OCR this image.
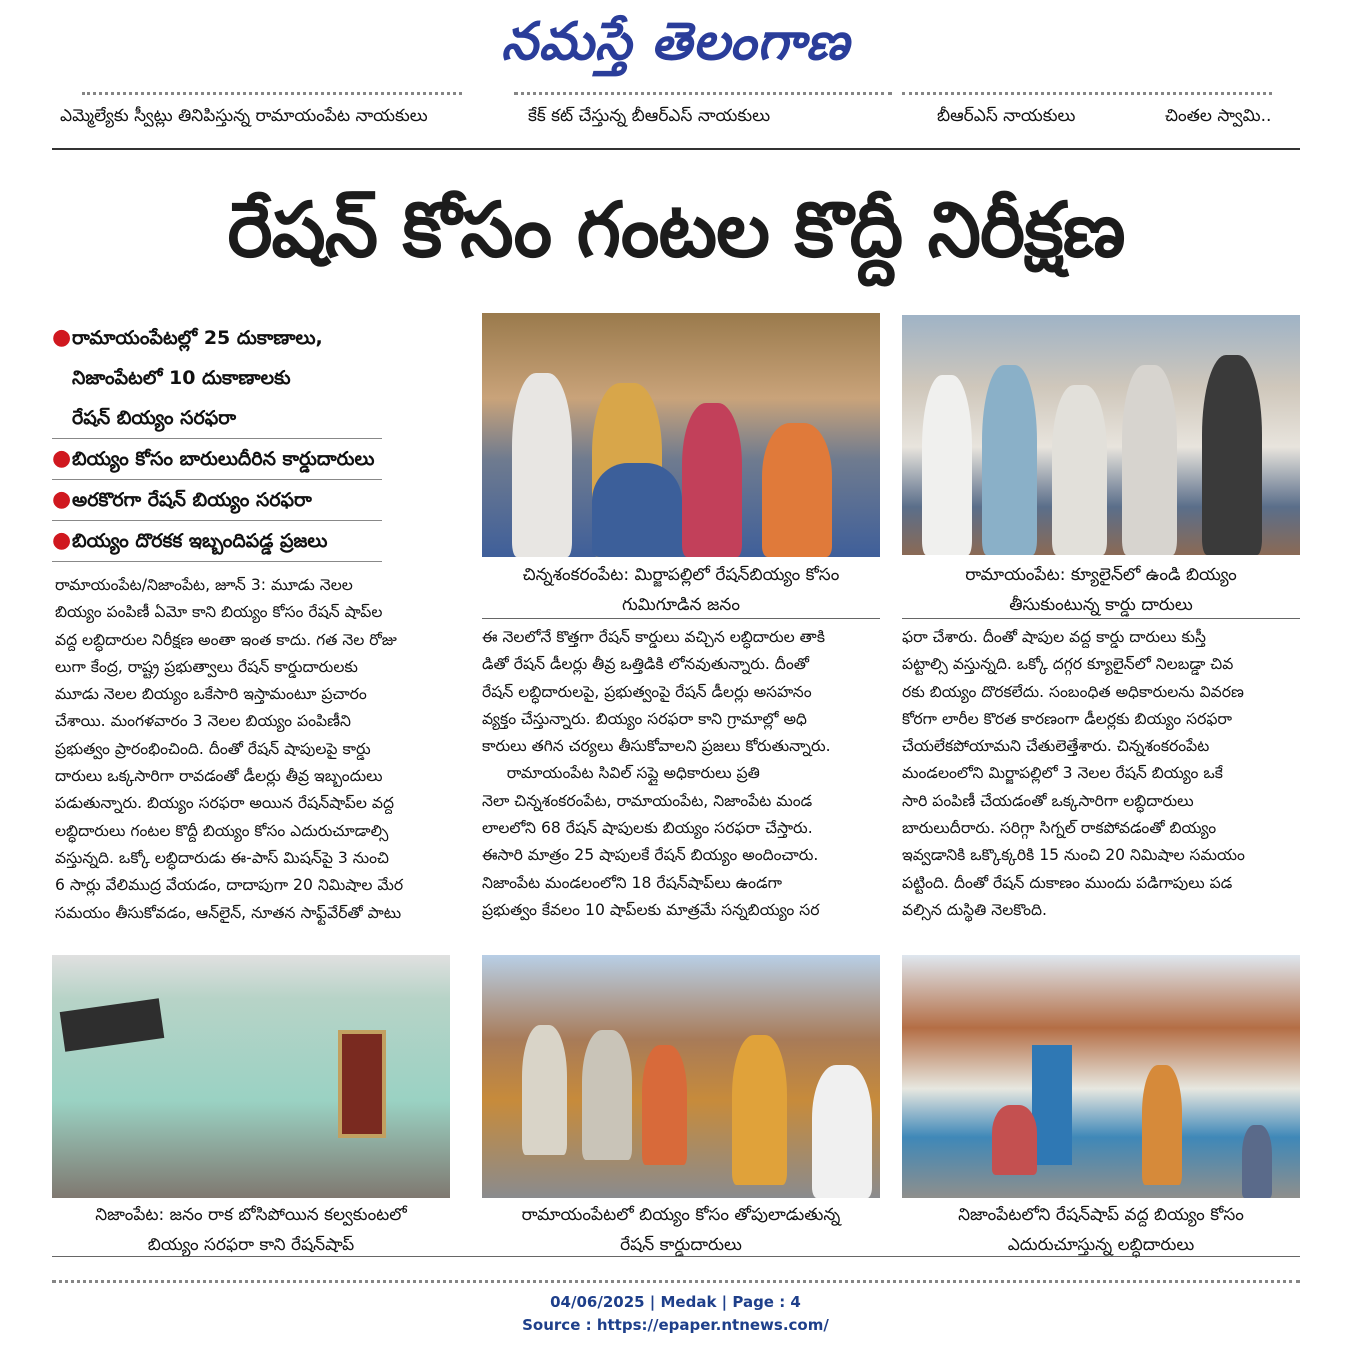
నమస్తే తెలంగాణ
ఎమ్మెల్యేకు స్వీట్లు తినిపిస్తున్న రామాయంపేట నాయకులు	కేక్ కట్ చేస్తున్న బీఆర్ఎస్ నాయకులు	బీఆర్ఎస్ నాయకులు	చింతల స్వామి..
రేషన్ కోసం గంటల కొద్దీ నిరీక్షణ
● రామాయంపేటల్లో 25 దుకాణాలు,
నిజాంపేటలో 10 దుకాణాలకు
రేషన్ బియ్యం సరఫరా
● బియ్యం కోసం బారులుదీరిన కార్డుదారులు
● అరకొరగా రేషన్ బియ్యం సరఫరా
● బియ్యం దొరకక ఇబ్బందిపడ్డ ప్రజలు
చిన్నశంకరంపేట: మిర్జాపల్లిలో రేషన్‌బియ్యం కోసం
గుమిగూడిన జనం
రామాయంపేట: క్యూలైన్‌లో ఉండి బియ్యం
తీసుకుంటున్న కార్డు దారులు

రామాయంపేట/నిజాంపేట, జూన్ 3: మూడు నెలల
బియ్యం పంపిణీ ఏమో కాని బియ్యం కోసం రేషన్ షాప్‌ల
వద్ద లబ్ధిదారుల నిరీక్షణ అంతా ఇంత కాదు. గత నెల రోజు
లుగా కేంద్ర, రాష్ట్ర ప్రభుత్వాలు రేషన్ కార్డుదారులకు
మూడు నెలల బియ్యం ఒకేసారి ఇస్తామంటూ ప్రచారం
చేశాయి. మంగళవారం 3 నెలల బియ్యం పంపిణీని
ప్రభుత్వం ప్రారంభించింది. దీంతో రేషన్ షాపులపై కార్డు
దారులు ఒక్కసారిగా రావడంతో డీలర్లు తీవ్ర ఇబ్బందులు
పడుతున్నారు. బియ్యం సరఫరా అయిన రేషన్‌షాప్‌ల వద్ద
లబ్ధిదారులు గంటల కొద్దీ బియ్యం కోసం ఎదురుచూడాల్సి
వస్తున్నది. ఒక్కో లబ్ధిదారుడు ఈ-పాస్ మిషన్‌పై 3 నుంచి
6 సార్లు వేలిముద్ర వేయడం, దాదాపుగా 20 నిమిషాల మేర
సమయం తీసుకోవడం, ఆన్‌లైన్, నూతన సాఫ్ట్‌వేర్‌తో పాటు

ఈ నెలలోనే కొత్తగా రేషన్ కార్డులు వచ్చిన లబ్ధిదారుల తాకి
డితో రేషన్ డీలర్లు తీవ్ర ఒత్తిడికి లోనవుతున్నారు. దీంతో
రేషన్ లబ్ధిదారులపై, ప్రభుత్వంపై రేషన్ డీలర్లు అసహనం
వ్యక్తం చేస్తున్నారు. బియ్యం సరఫరా కాని గ్రామాల్లో అధి
కారులు తగిన చర్యలు తీసుకోవాలని ప్రజలు కోరుతున్నారు.
రామాయంపేట సివిల్ సప్లై అధికారులు ప్రతి
నెలా చిన్నశంకరంపేట, రామాయంపేట, నిజాంపేట మండ
లాలలోని 68 రేషన్ షాపులకు బియ్యం సరఫరా చేస్తారు.
ఈసారి మాత్రం 25 షాపులకే రేషన్ బియ్యం అందించారు.
నిజాంపేట మండలంలోని 18 రేషన్‌షాప్‌లు ఉండగా
ప్రభుత్వం కేవలం 10 షాప్‌లకు మాత్రమే సన్నబియ్యం సర

ఫరా చేశారు. దీంతో షాపుల వద్ద కార్డు దారులు కుస్తీ
పట్టాల్సి వస్తున్నది. ఒక్కో దగ్గర క్యూలైన్‌లో నిలబడ్డా చివ
రకు బియ్యం దొరకలేదు. సంబంధిత అధికారులను వివరణ
కోరగా లారీల కొరత కారణంగా డీలర్లకు బియ్యం సరఫరా
చేయలేకపోయామని చేతులెత్తేశారు. చిన్నశంకరంపేట
మండలంలోని మిర్జాపల్లిలో 3 నెలల రేషన్ బియ్యం ఒకే
సారి పంపిణీ చేయడంతో ఒక్కసారిగా లబ్ధిదారులు
బారులుదీరారు. సరిగ్గా సిగ్నల్ రాకపోవడంతో బియ్యం
ఇవ్వడానికి ఒక్కొక్కరికి 15 నుంచి 20 నిమిషాల సమయం
పట్టింది. దీంతో రేషన్ దుకాణం ముందు పడిగాపులు పడ
వల్సిన దుస్థితి నెలకొంది.

నిజాంపేట: జనం రాక బోసిపోయిన కల్వకుంటలో
బియ్యం సరఫరా కాని రేషన్‌షాప్
రామాయంపేటలో బియ్యం కోసం తోపులాడుతున్న
రేషన్ కార్డుదారులు
నిజాంపేటలోని రేషన్‌షాప్ వద్ద బియ్యం కోసం
ఎదురుచూస్తున్న లబ్ధిదారులు
04/06/2025 | Medak | Page : 4
Source : https://epaper.ntnews.com/
